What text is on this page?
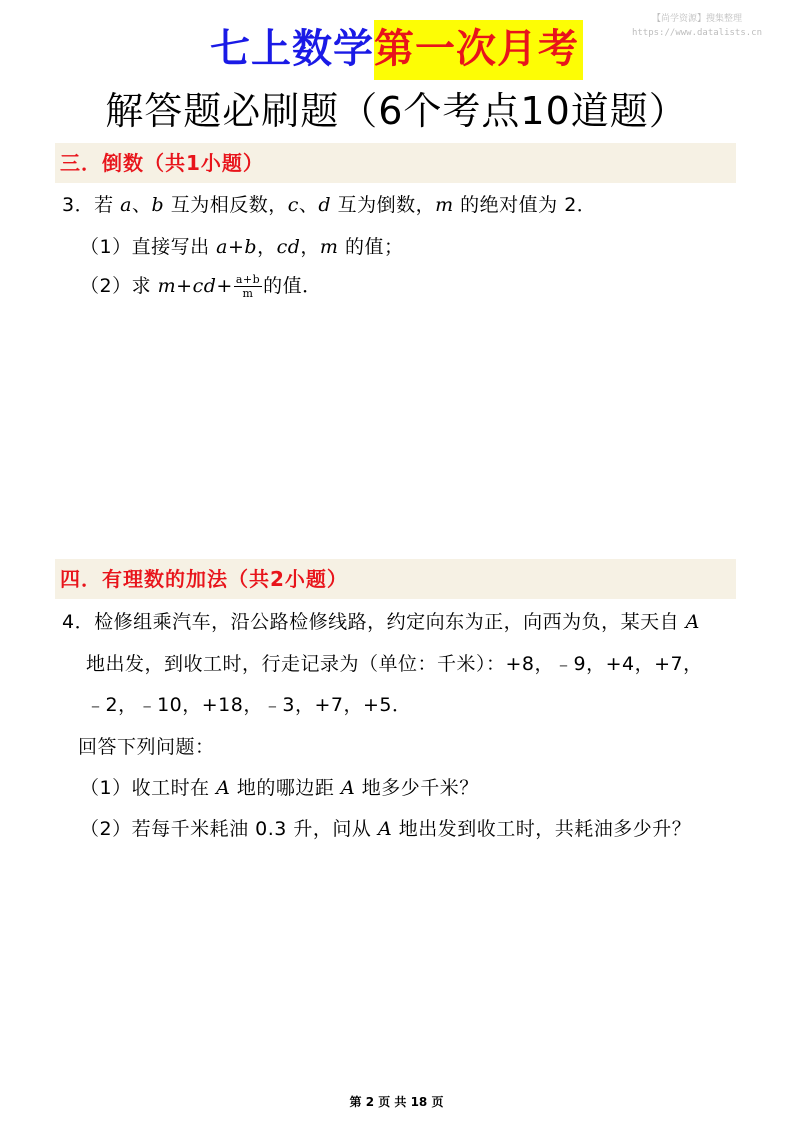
【尚学资源】搜集整理
https://www.datalists.cn
七上数学 第一次月考
解答题必刷题（6个考点10道题）
三．倒数（共1小题）
3．若 a、b 互为相反数，c、d 互为倒数，m 的绝对值为 2．
（1）直接写出 a+b，cd，m 的值；
（2）求 $m+cd+ \frac{a+b}{m}$ 的值．
四．有理数的加法（共2小题）
4．检修组乘汽车，沿公路检修线路，约定向东为正，向西为负，某天自 A
地出发，到收工时，行走记录为（单位：千米）：+8，﹣9，+4，+7，
﹣2，﹣10，+18，﹣3，+7，+5．
回答下列问题：
（1）收工时在 A 地的哪边距 A 地多少千米？
（2）若每千米耗油 0.3 升，问从 A 地出发到收工时，共耗油多少升？
第 2 页 共 18 页
